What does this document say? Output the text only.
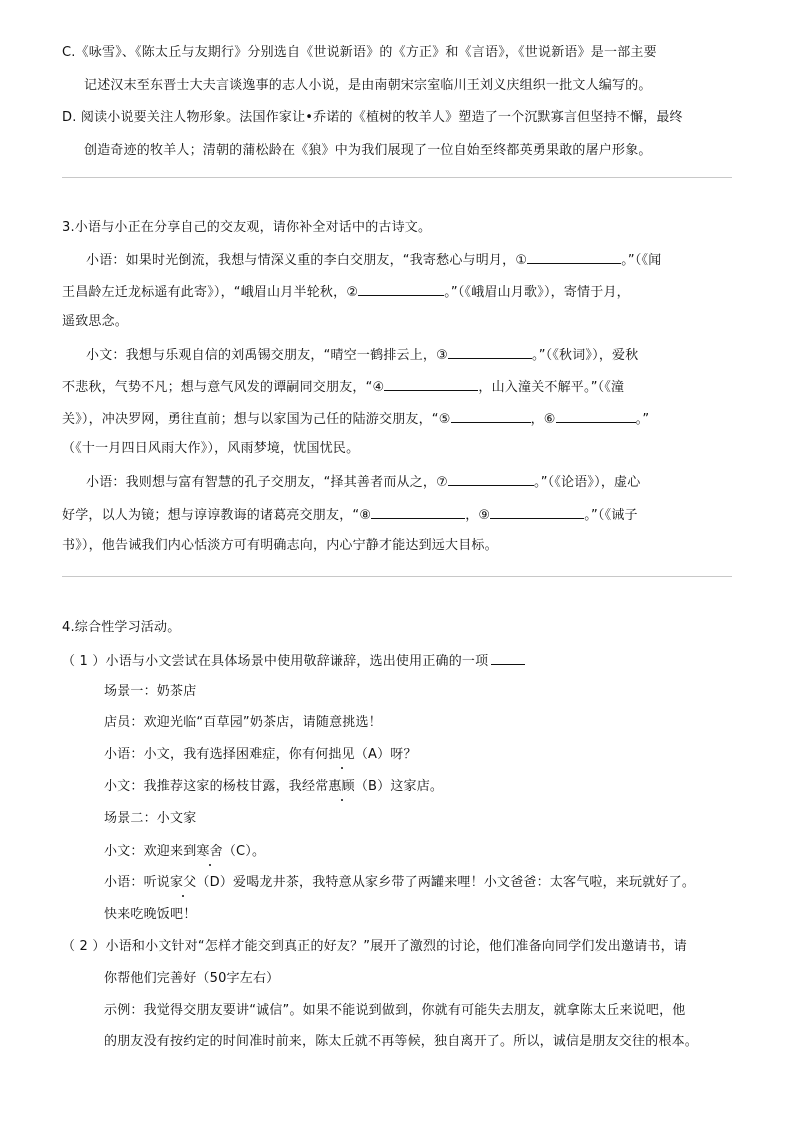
C.《咏雪》、《陈太丘与友期行》分别选自《世说新语》的《方正》和《言语》，《世说新语》是一部主要
记述汉末至东晋士大夫言谈逸事的志人小说，是由南朝宋宗室临川王刘义庆组织一批文人编写的。
D. 阅读小说要关注人物形象。法国作家让•乔诺的《植树的牧羊人》塑造了一个沉默寡言但坚持不懈，最终
创造奇迹的牧羊人；清朝的蒲松龄在《狼》中为我们展现了一位自始至终都英勇果敢的屠户形象。
3.小语与小正在分享自己的交友观，请你补全对话中的古诗文。
小语：如果时光倒流，我想与情深义重的李白交朋友，“我寄愁心与明月，①	。”（《闻
王昌龄左迁龙标遥有此寄》），“峨眉山月半轮秋，②	。”（《峨眉山月歌》），寄情于月，
遥致思念。
小文：我想与乐观自信的刘禹锡交朋友，“晴空一鹤排云上，③	。”（《秋词》），爱秋
不悲秋，气势不凡；想与意气风发的谭嗣同交朋友，“④	，山入潼关不解平。”（《潼
关》），冲决罗网，勇往直前；想与以家国为己任的陆游交朋友，“⑤	，⑥	。”
（《十一月四日风雨大作》），风雨梦境，忧国忧民。
小语：我则想与富有智慧的孔子交朋友，“择其善者而从之，⑦	。”（《论语》），虚心
好学，以人为镜；想与谆谆教诲的诸葛亮交朋友，“⑧	，⑨	。”（《诫子
书》），他告诫我们内心恬淡方可有明确志向，内心宁静才能达到远大目标。
4.综合性学习活动。
（ 1 ）小语与小文尝试在具体场景中使用敬辞谦辞，选出使用正确的一项
场景一：奶茶店
店员：欢迎光临“百草园”奶茶店，请随意挑选！
小语：小文，我有选择困难症，你有何拙见（A）呀？
小文：我推荐这家的杨枝甘露，我经常惠顾（B）这家店。
场景二：小文家
小文：欢迎来到寒舍（C）。
小语：听说家父（D）爱喝龙井茶，我特意从家乡带了两罐来哩！小文爸爸：太客气啦，来玩就好了。
快来吃晚饭吧！
（ 2 ）小语和小文针对“怎样才能交到真正的好友？”展开了激烈的讨论，他们准备向同学们发出邀请书，请
你帮他们完善好（50字左右）
示例：我觉得交朋友要讲“诚信”。如果不能说到做到，你就有可能失去朋友，就拿陈太丘来说吧，他
的朋友没有按约定的时间准时前来，陈太丘就不再等候，独自离开了。所以，诚信是朋友交往的根本。
